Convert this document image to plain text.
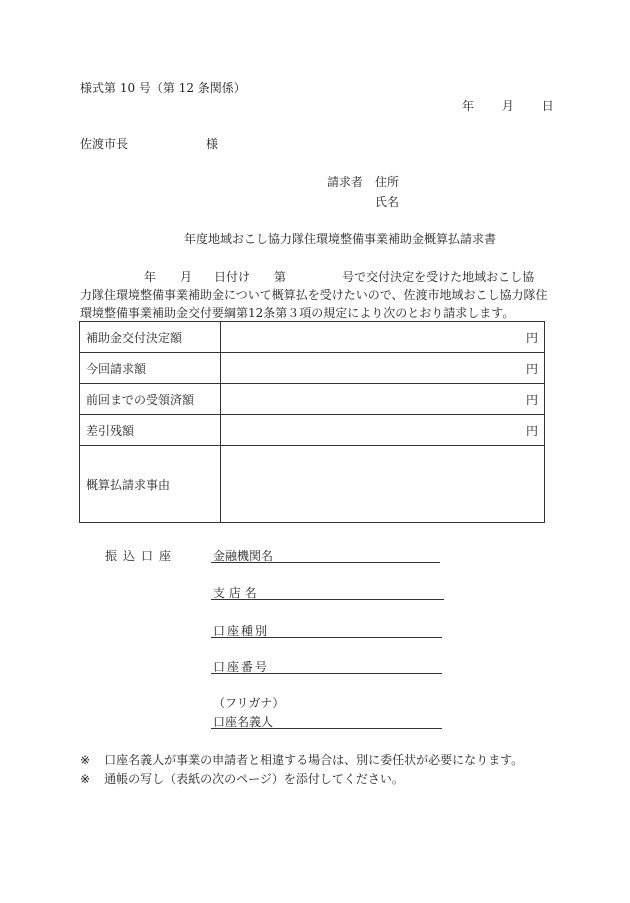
様式第 10 号（第 12 条関係）
年 月 日
佐渡市長	様
請求者 住所
氏名
年度地域おこし協力隊住環境整備事業補助金概算払請求書
年 月 日付け 第	号で交付決定を受けた地域おこし協
力隊住環境整備事業補助金について概算払を受けたいので、佐渡市地域おこし協力隊住
環境整備事業補助金交付要綱第12条第３項の規定により次のとおり請求します。
補助金交付決定額	円
今回請求額	円
前回までの受領済額	円
差引残額	円
概算払請求事由	
振込口座	金融機関名
支 店 名
口座種別
口座番号
（フリガナ）
口座名義人
※ 口座名義人が事業の申請者と相違する場合は、別に委任状が必要になります。
※ 通帳の写し（表紙の次のページ）を添付してください。
